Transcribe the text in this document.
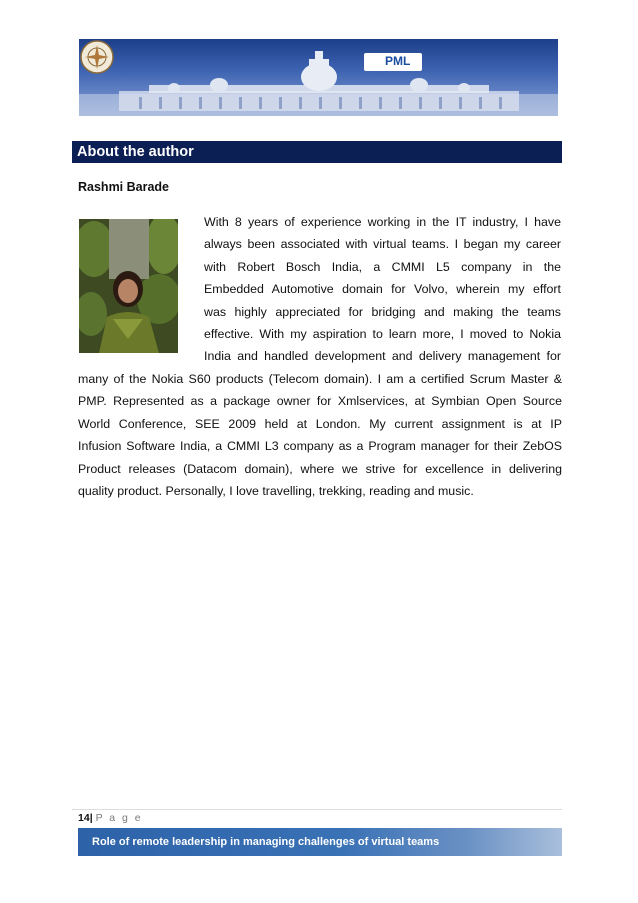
PML
About the author
Rashmi Barade
With 8 years of experience working in the IT industry, I have
always been associated with virtual teams. I began my career
with Robert Bosch India, a CMMI L5 company in the
Embedded Automotive domain for Volvo, wherein my effort
was highly appreciated for bridging and making the teams
effective. With my aspiration to learn more, I moved to Nokia
India and handled development and delivery management for
many of the Nokia S60 products (Telecom domain). I am a certified Scrum Master &
PMP. Represented as a package owner for Xmlservices, at Symbian Open Source
World Conference, SEE 2009 held at London. My current assignment is at IP
Infusion Software India, a CMMI L3 company as a Program manager for their ZebOS
Product releases (Datacom domain), where we strive for excellence in delivering
quality product. Personally, I love travelling, trekking, reading and music.
14| P a g e
Role of remote leadership in managing challenges of virtual teams
